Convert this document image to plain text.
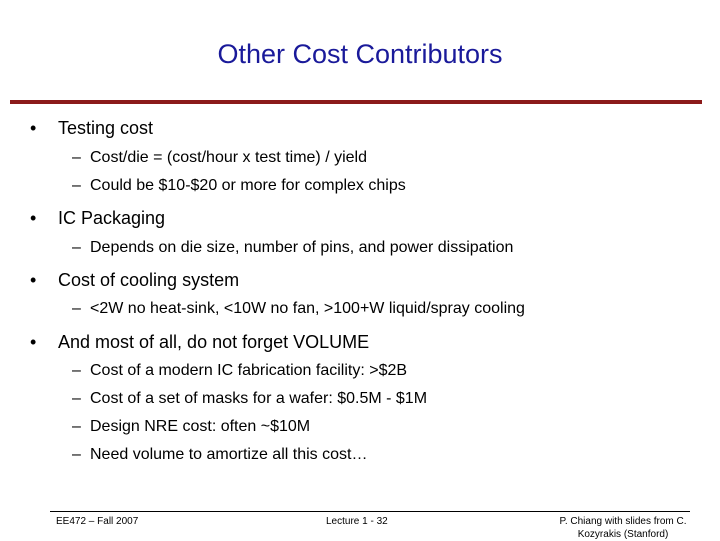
Other Cost Contributors
• Testing cost
– Cost/die = (cost/hour x test time) / yield
– Could be $10-$20 or more for complex chips
• IC Packaging
– Depends on die size, number of pins, and power dissipation
• Cost of cooling system
– <2W no heat-sink, <10W no fan, >100+W liquid/spray cooling
• And most of all, do not forget VOLUME
– Cost of a modern IC fabrication facility: >$2B
– Cost of a set of masks for a wafer: $0.5M - $1M
– Design NRE cost: often ~$10M
– Need volume to amortize all this cost…
EE472 – Fall 2007	Lecture 1 - 32	P. Chiang with slides from C.
Kozyrakis (Stanford)
